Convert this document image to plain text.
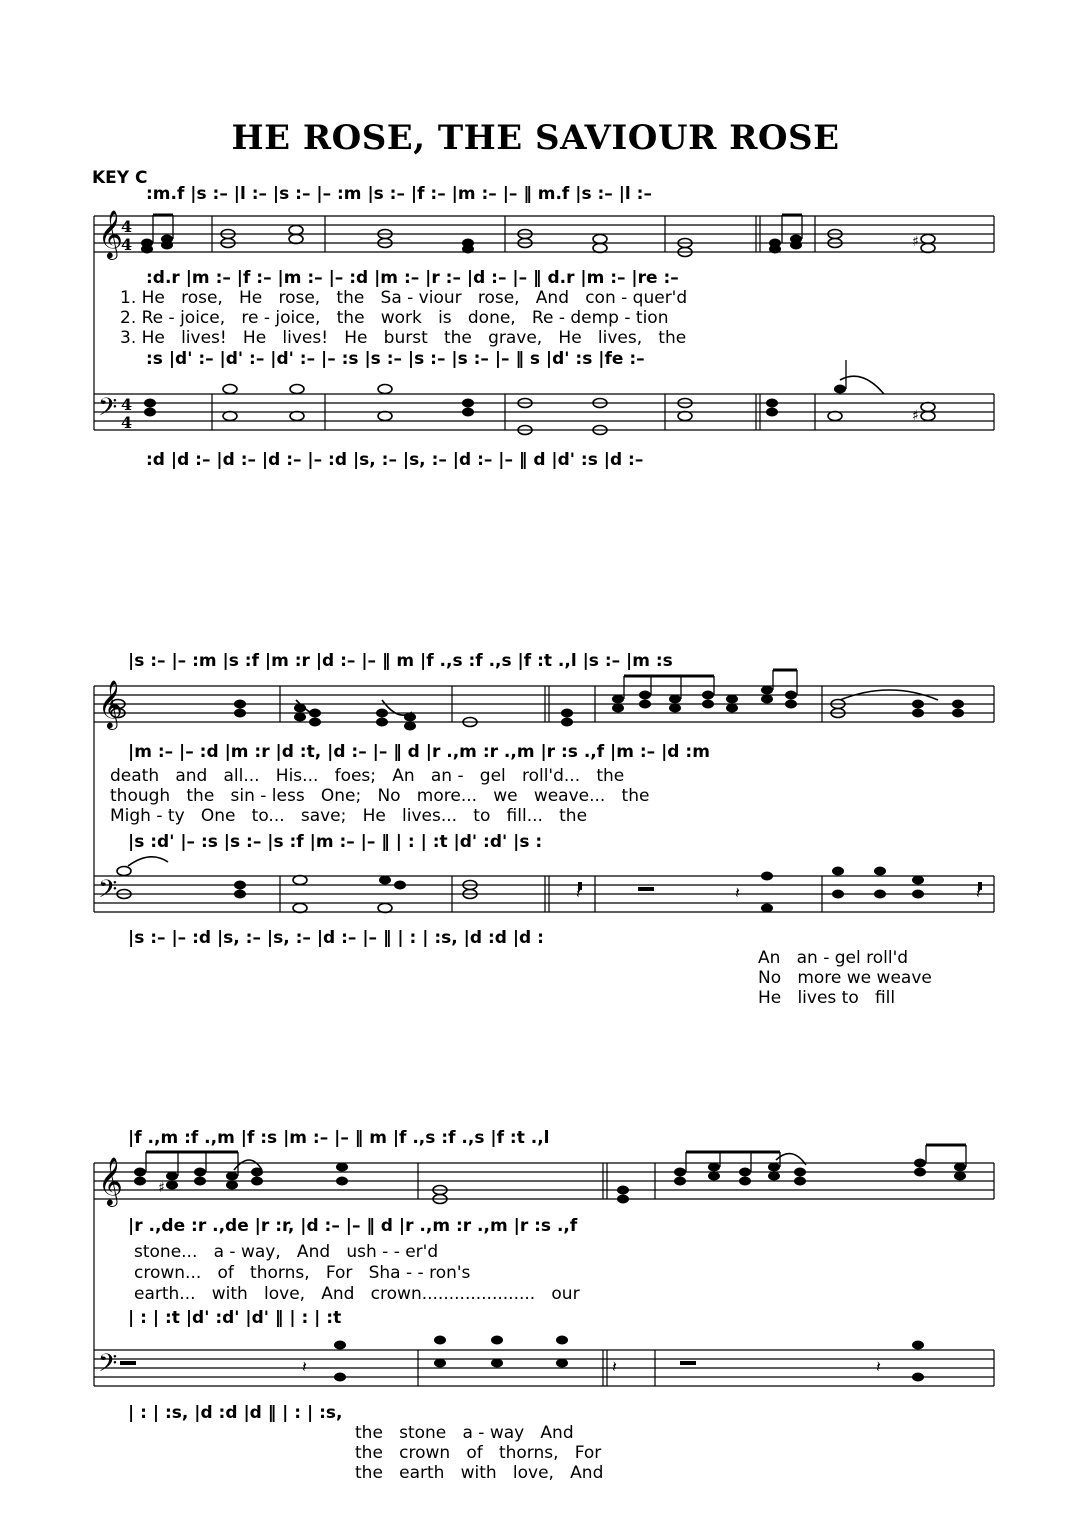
HE ROSE, THE SAVIOUR ROSE
KEY C
:m.f |s :– |l :– |s :– |– :m |s :– |f :– |m :– |– ‖ m.f |s :– |l :–
:d.r |m :– |f :– |m :– |– :d |m :– |r :– |d :– |– ‖ d.r |m :– |re :–
1. He   rose,   He   rose,   the   Sa - viour   rose,   And   con - quer'd
2. Re - joice,   re - joice,   the   work   is   done,   Re - demp - tion
3. He   lives!   He   lives!   He   burst   the   grave,   He   lives,   the
:s |d' :– |d' :– |d' :– |– :s |s :– |s :– |s :– |– ‖ s |d' :s |fe :–
:d |d :– |d :– |d :– |– :d |s, :– |s, :– |d :– |– ‖ d |d' :s |d :–
𝄞
𝄢
4
4
4
4
♯
♯
|s :– |– :m |s :f |m :r |d :– |– ‖ m |f .,s :f .,s |f :t .,l |s :– |m :s
|m :– |– :d |m :r |d :t, |d :– |– ‖ d |r .,m :r .,m |r :s .,f |m :– |d :m
death   and   all...   His...   foes;   An   an -   gel   roll'd...   the
though   the   sin - less   One;   No   more...   we   weave...   the
Migh - ty   One   to...   save;   He   lives...   to   fill...   the
|s :d' |– :s |s :– |s :f |m :– |– ‖ | : | :t |d' :d' |s :
|s :– |– :d |s, :– |s, :– |d :– |– ‖ | : | :s, |d :d |d :
An   an - gel roll'd
No   more we weave
He   lives to   fill
𝄞
𝄢	𝄽	𝄽
𝄽
|f .,m :f .,m |f :s |m :– |– ‖ m |f .,s :f .,s |f :t .,l
|r .,de :r .,de |r :r, |d :– |– ‖ d |r .,m :r .,m |r :s .,f
stone...   a - way,   And   ush - - er'd
crown...   of   thorns,   For   Sha - - ron's
earth...   with   love,   And   crown.....................   our
| : | :t |d' :d' |d' ‖ | : | :t
| : | :s, |d :d |d ‖ | : | :s,
the   stone   a - way   And
the   crown   of   thorns,   For
the   earth   with   love,   And
𝄞
𝄢
♯
𝄽	𝄽	𝄽
